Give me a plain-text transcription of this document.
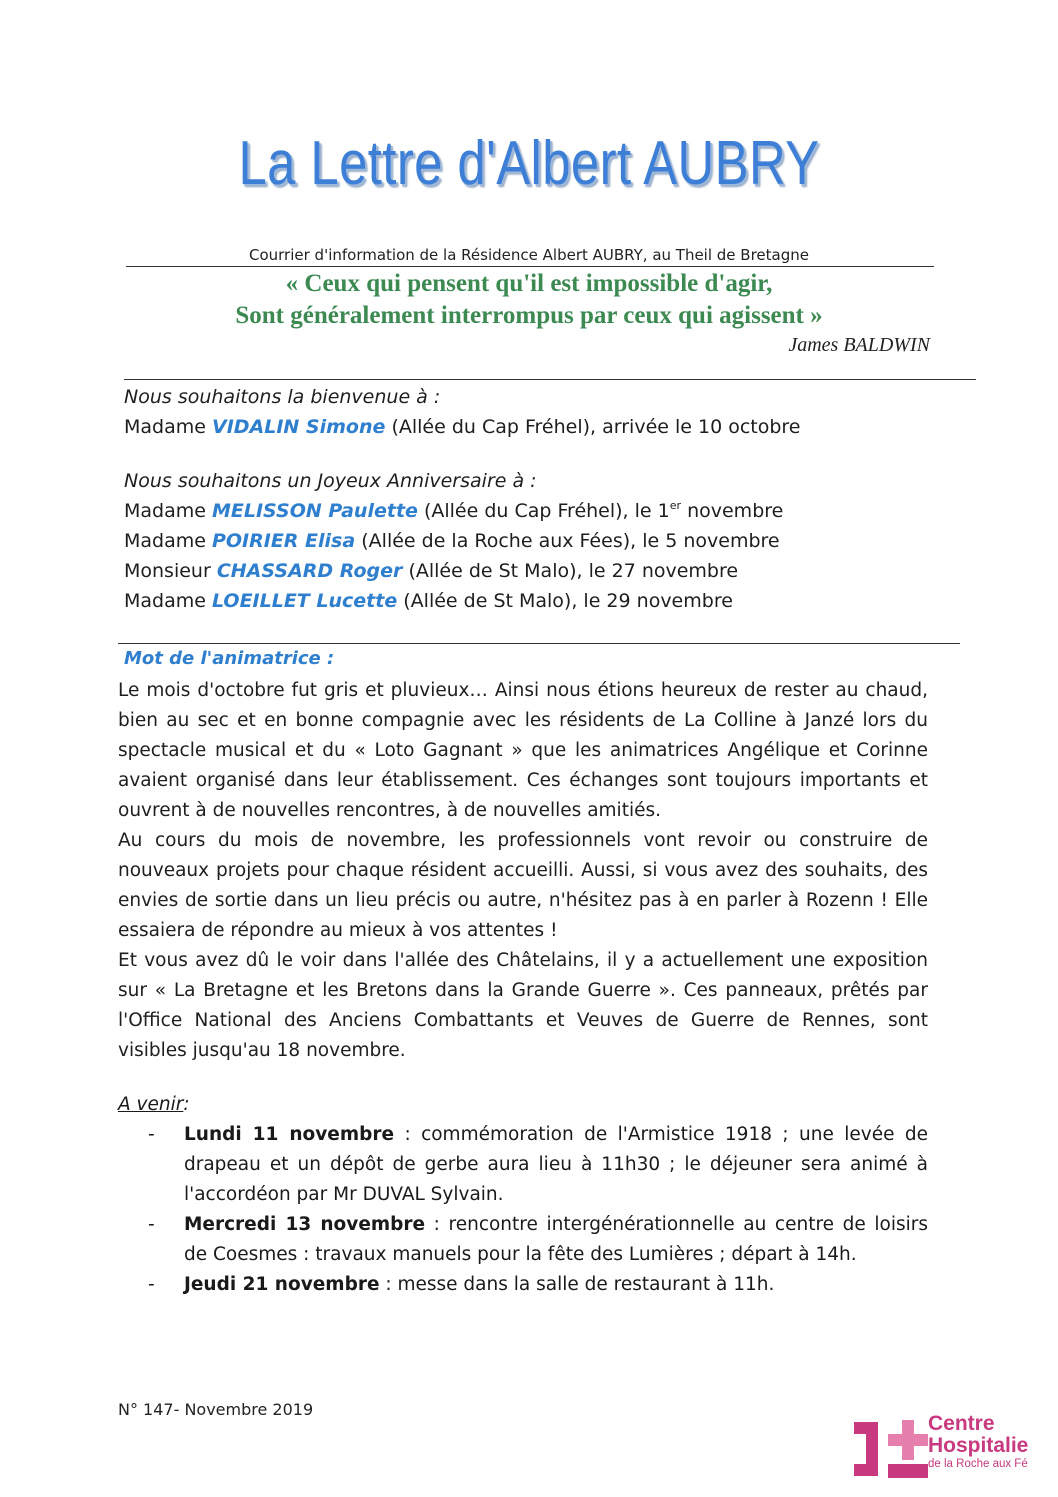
La Lettre d'Albert AUBRY
Courrier d'information de la Résidence Albert AUBRY, au Theil de Bretagne
« Ceux qui pensent qu'il est impossible d'agir,
Sont généralement interrompus par ceux qui agissent »
James BALDWIN
Nous souhaitons la bienvenue à :
Madame VIDALIN Simone (Allée du Cap Fréhel), arrivée le 10 octobre
Nous souhaitons un Joyeux Anniversaire à :
Madame MELISSON Paulette (Allée du Cap Fréhel), le 1er novembre
Madame POIRIER Elisa (Allée de la Roche aux Fées), le 5 novembre
Monsieur CHASSARD Roger (Allée de St Malo), le 27 novembre
Madame LOEILLET Lucette (Allée de St Malo), le 29 novembre
Mot de l'animatrice :

Le mois d'octobre fut gris et pluvieux… Ainsi nous étions heureux de rester au chaud, bien au sec et en bonne compagnie avec les résidents de La Colline à Janzé lors du spectacle musical et du « Loto Gagnant » que les animatrices Angélique et Corinne avaient organisé dans leur établissement. Ces échanges sont toujours importants et ouvrent à de nouvelles rencontres, à de nouvelles amitiés.

Au cours du mois de novembre, les professionnels vont revoir ou construire de nouveaux projets pour chaque résident accueilli. Aussi, si vous avez des souhaits, des envies de sortie dans un lieu précis ou autre, n'hésitez pas à en parler à Rozenn ! Elle essaiera de répondre au mieux à vos attentes !

Et vous avez dû le voir dans l'allée des Châtelains, il y a actuellement une exposition sur « La Bretagne et les Bretons dans la Grande Guerre ». Ces panneaux, prêtés par l'Office National des Anciens Combattants et Veuves de Guerre de Rennes, sont visibles jusqu'au 18 novembre.

A venir:
- Lundi 11 novembre : commémoration de l'Armistice 1918 ; une levée de drapeau et un dépôt de gerbe aura lieu à 11h30 ; le déjeuner sera animé à l'accordéon par Mr DUVAL Sylvain.
- Mercredi 13 novembre : rencontre intergénérationnelle au centre de loisirs de Coesmes : travaux manuels pour la fête des Lumières ; départ à 14h.
- Jeudi 21 novembre : messe dans la salle de restaurant à 11h.
N° 147- Novembre 2019
Centre
Hospitalie
de la Roche aux Fé
